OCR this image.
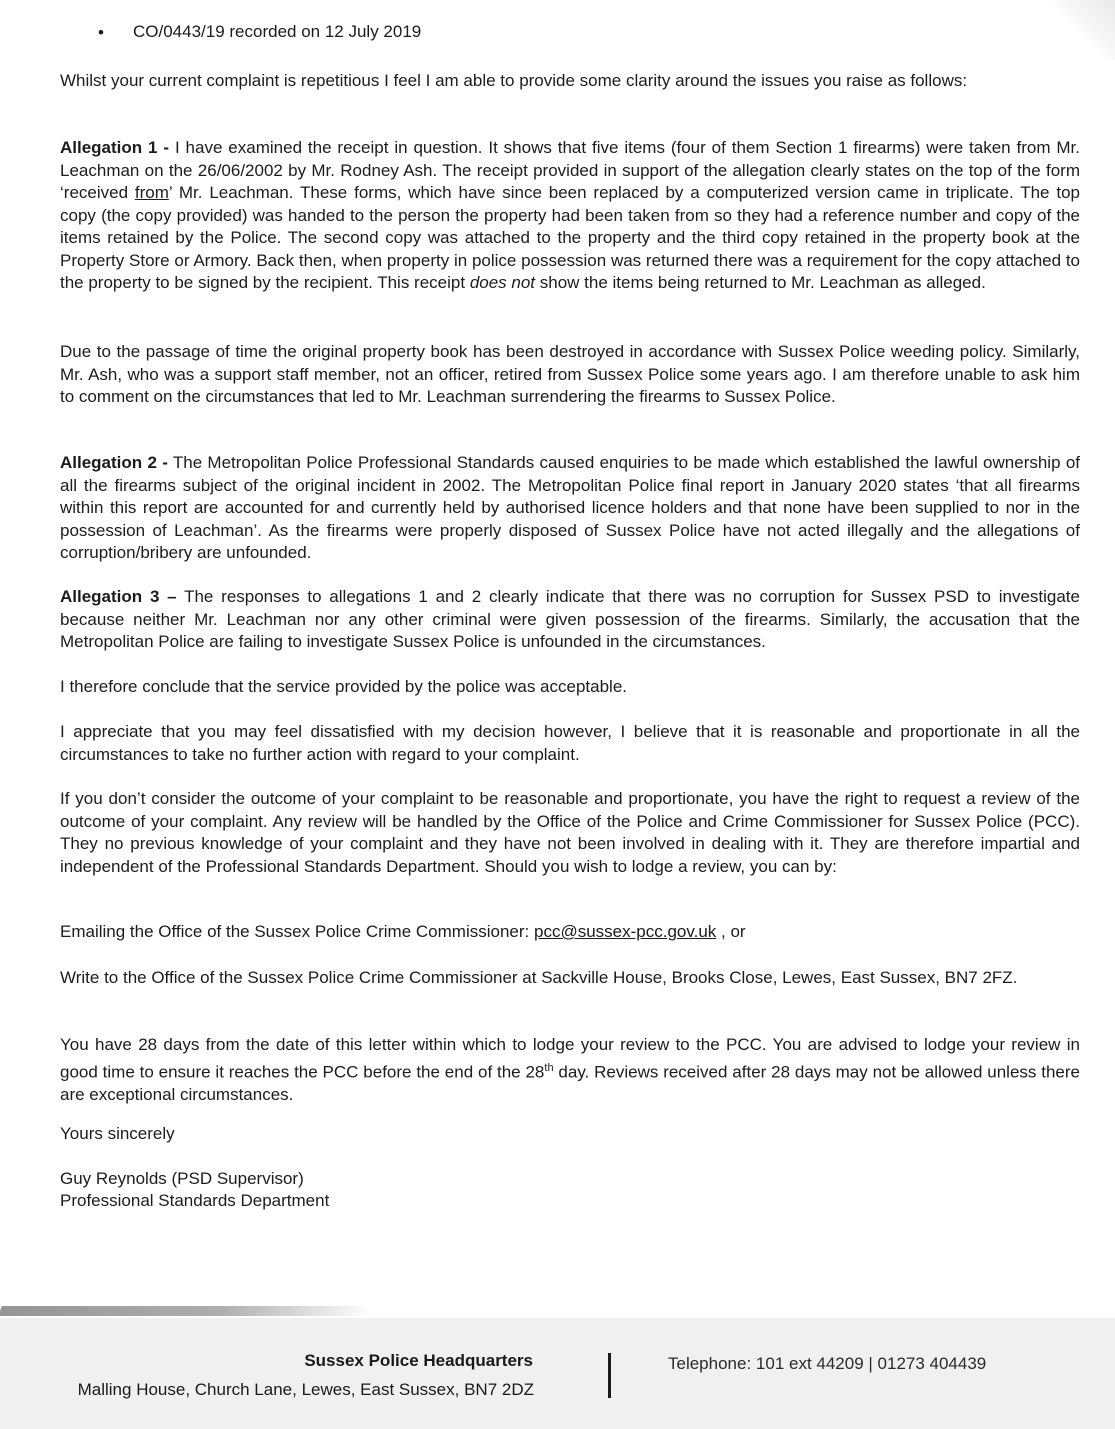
• CO/0443/19 recorded on 12 July 2019

Whilst your current complaint is repetitious I feel I am able to provide some clarity around the issues you raise as follows:

Allegation 1 - I have examined the receipt in question. It shows that five items (four of them Section 1 firearms) were taken from Mr. Leachman on the 26/06/2002 by Mr. Rodney Ash. The receipt provided in support of the allegation clearly states on the top of the form ‘received from’ Mr. Leachman. These forms, which have since been replaced by a computerized version came in triplicate. The top copy (the copy provided) was handed to the person the property had been taken from so they had a reference number and copy of the items retained by the Police. The second copy was attached to the property and the third copy retained in the property book at the Property Store or Armory. Back then, when property in police possession was returned there was a requirement for the copy attached to the property to be signed by the recipient. This receipt does not show the items being returned to Mr. Leachman as alleged.

Due to the passage of time the original property book has been destroyed in accordance with Sussex Police weeding policy. Similarly, Mr. Ash, who was a support staff member, not an officer, retired from Sussex Police some years ago. I am therefore unable to ask him to comment on the circumstances that led to Mr. Leachman surrendering the firearms to Sussex Police.

Allegation 2 - The Metropolitan Police Professional Standards caused enquiries to be made which established the lawful ownership of all the firearms subject of the original incident in 2002. The Metropolitan Police final report in January 2020 states ‘that all firearms within this report are accounted for and currently held by authorised licence holders and that none have been supplied to nor in the possession of Leachman’. As the firearms were properly disposed of Sussex Police have not acted illegally and the allegations of corruption/bribery are unfounded.

Allegation 3 – The responses to allegations 1 and 2 clearly indicate that there was no corruption for Sussex PSD to investigate because neither Mr. Leachman nor any other criminal were given possession of the firearms. Similarly, the accusation that the Metropolitan Police are failing to investigate Sussex Police is unfounded in the circumstances.

I therefore conclude that the service provided by the police was acceptable.

I appreciate that you may feel dissatisfied with my decision however, I believe that it is reasonable and proportionate in all the circumstances to take no further action with regard to your complaint.

If you don’t consider the outcome of your complaint to be reasonable and proportionate, you have the right to request a review of the outcome of your complaint. Any review will be handled by the Office of the Police and Crime Commissioner for Sussex Police (PCC). They no previous knowledge of your complaint and they have not been involved in dealing with it. They are therefore impartial and independent of the Professional Standards Department. Should you wish to lodge a review, you can by:

Emailing the Office of the Sussex Police Crime Commissioner: pcc@sussex-pcc.gov.uk , or

Write to the Office of the Sussex Police Crime Commissioner at Sackville House, Brooks Close, Lewes, East Sussex, BN7 2FZ.

You have 28 days from the date of this letter within which to lodge your review to the PCC. You are advised to lodge your review in good time to ensure it reaches the PCC before the end of the 28th day. Reviews received after 28 days may not be allowed unless there are exceptional circumstances.

Yours sincerely

Guy Reynolds (PSD Supervisor)

Professional Standards Department

Sussex Police Headquarters
Malling House, Church Lane, Lewes, East Sussex, BN7 2DZ
Telephone: 101 ext 44209 | 01273 404439
